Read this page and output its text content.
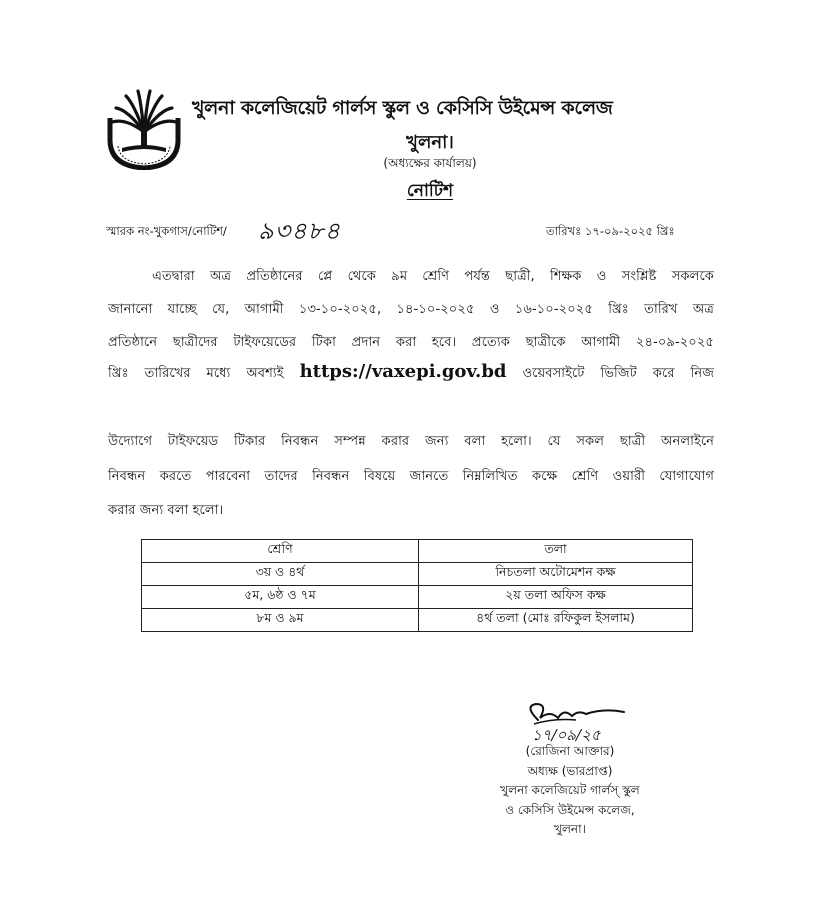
খুলনা কলেজিয়েট গার্লস স্কুল ও কেসিসি উইমেন্স কলেজ
খুলনা।
(অধ্যক্ষের কার্যালয়)
নোটিশ
স্মারক নং-খুকগাস/নোটিশ/ ৯৩৪৮৪	তারিখঃ ১৭-০৯-২০২৫ খ্রিঃ
এতদ্বারা অত্র প্রতিষ্ঠানের প্লে থেকে ৯ম শ্রেণি পর্যন্ত ছাত্রী, শিক্ষক ও সংশ্লিষ্ট সকলকে
জানানো যাচ্ছে যে, আগামী ১৩-১০-২০২৫, ১৪-১০-২০২৫ ও ১৬-১০-২০২৫ খ্রিঃ তারিখ অত্র
প্রতিষ্ঠানে ছাত্রীদের টাইফয়েডের টিকা প্রদান করা হবে। প্রত্যেক ছাত্রীকে আগামী ২৪-০৯-২০২৫
খ্রিঃ তারিখের মধ্যে অবশ্যই https://vaxepi.gov.bd ওয়েবসাইটে ভিজিট করে নিজ
উদ্যোগে টাইফয়েড টিকার নিবন্ধন সম্পন্ন করার জন্য বলা হলো। যে সকল ছাত্রী অনলাইনে
নিবন্ধন করতে পারবেনা তাদের নিবন্ধন বিষয়ে জানতে নিম্নলিখিত কক্ষে শ্রেণি ওয়ারী যোগাযোগ
করার জন্য বলা হলো।
শ্রেণি	তলা
৩য় ও ৪র্থ	নিচতলা অটোমেশন কক্ষ
৫ম, ৬ষ্ঠ ও ৭ম	২য় তলা অফিস কক্ষ
৮ম ও ৯ম	৪র্থ তলা (মোঃ রফিকুল ইসলাম)
১৭/০৯/২৫
(রোজিনা আক্তার)
অধ্যক্ষ (ভারপ্রাপ্ত)
খুলনা কলেজিয়েট গার্লস্ স্কুল
ও কেসিসি উইমেন্স কলেজ,
খুলনা।
